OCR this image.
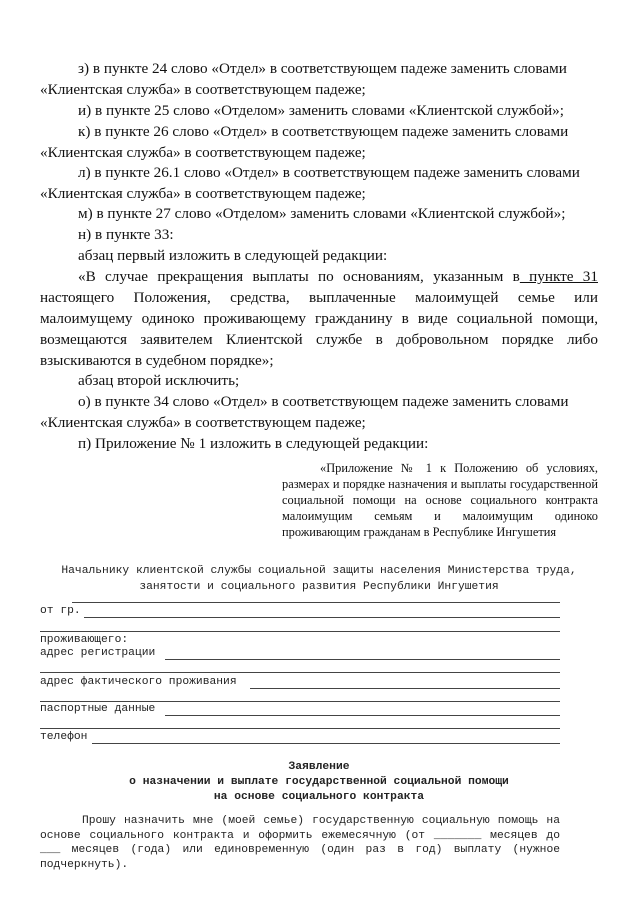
з) в пункте 24 слово «Отдел» в соответствующем падеже заменить словами
«Клиентская служба» в соответствующем падеже;
и) в пункте 25 слово «Отделом» заменить словами «Клиентской службой»;
к) в пункте 26 слово «Отдел» в соответствующем падеже заменить словами
«Клиентская служба» в соответствующем падеже;
л) в пункте 26.1 слово «Отдел» в соответствующем падеже заменить словами
«Клиентская служба» в соответствующем падеже;
м) в пункте 27 слово «Отделом» заменить словами «Клиентской службой»;
н) в пункте 33:
абзац первый изложить в следующей редакции:
«В случае прекращения выплаты по основаниям, указанным в пункте 31 настоящего Положения, средства, выплаченные малоимущей семье или малоимущему одиноко проживающему гражданину в виде социальной помощи, возмещаются заявителем Клиентской службе в добровольном порядке либо взыскиваются в судебном порядке»;
абзац второй исключить;
о) в пункте 34 слово «Отдел» в соответствующем падеже заменить словами
«Клиентская служба» в соответствующем падеже;
п) Приложение № 1 изложить в следующей редакции:
«Приложение № 1 к Положению об условиях, размерах и порядке назначения и выплаты государственной социальной помощи на основе социального контракта малоимущим семьям и малоимущим одиноко проживающим гражданам в Республике Ингушетия
Начальнику клиентской службы социальной защиты населения Министерства труда,
занятости и социального развития Республики Ингушетия
от гр.
проживающего:
адрес регистрации
адрес фактического проживания
паспортные данные
телефон
Заявление
о назначении и выплате государственной социальной помощи
на основе социального контракта
Прошу назначить мне (моей семье) государственную социальную помощь на основе социального контракта и оформить ежемесячную (от _______ месяцев до ___ месяцев (года) или единовременную (один раз в год) выплату (нужное подчеркнуть).
